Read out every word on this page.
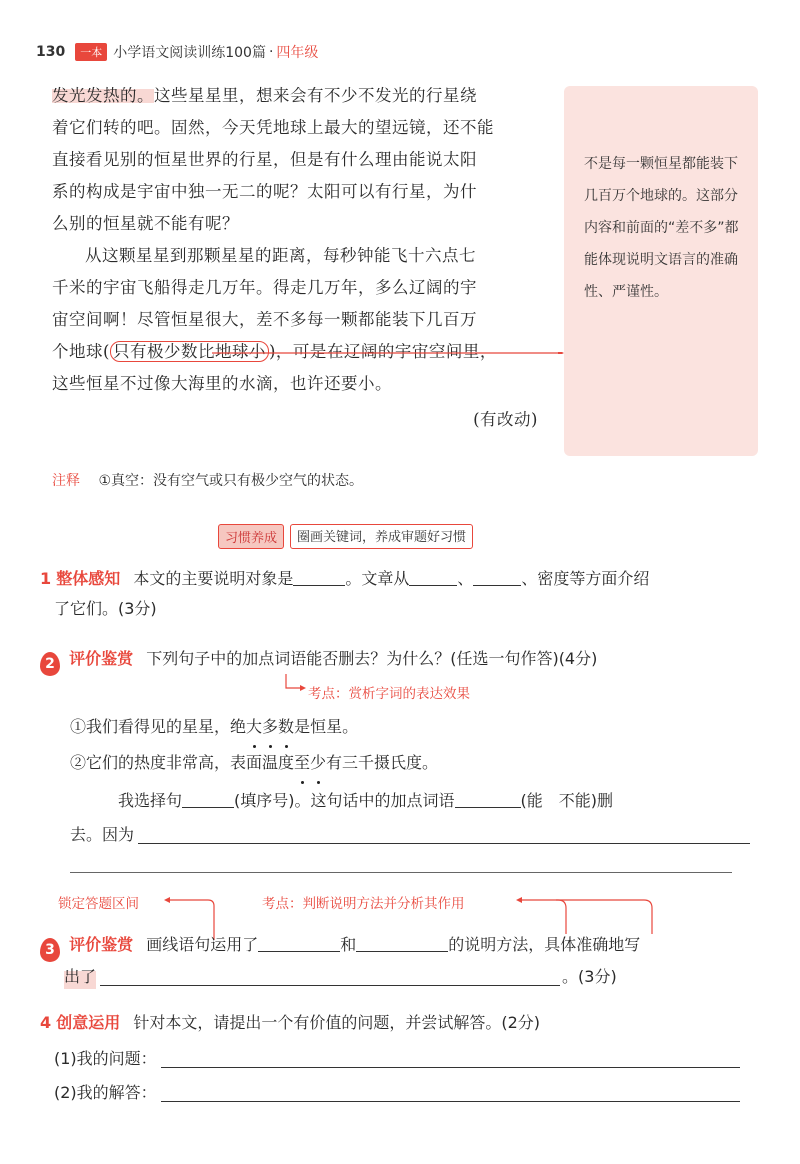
130	一本 小学语文阅读训练100篇 · 四年级
发光发热的。这些星星里，想来会有不少不发光的行星绕
着它们转的吧。固然，今天凭地球上最大的望远镜，还不能
直接看见别的恒星世界的行星，但是有什么理由能说太阳
系的构成是宇宙中独一无二的呢？太阳可以有行星，为什
么别的恒星就不能有呢？
从这颗星星到那颗星星的距离，每秒钟能飞十六点七
千米的宇宙飞船得走几万年。得走几万年，多么辽阔的宇
宙空间啊！尽管恒星很大，差不多每一颗都能装下几百万
个地球( 只有极少数比地球小 )，可是在辽阔的宇宙空间里，
这些恒星不过像大海里的水滴，也许还要小。
(有改动)
不是每一颗恒星都能装下几百万个地球的。这部分内容和前面的“差不多”都能体现说明文语言的准确性、严谨性。
注释 ①真空：没有空气或只有极少空气的状态。
习惯养成	圈画关键词，养成审题好习惯
1 整体感知 本文的主要说明对象是	。文章从	、	、密度等方面介绍
了它们。(3分)
2 评价鉴赏 下列句子中的加点词语能否删去？为什么？(任选一句作答)(4分)
考点：赏析字词的表达效果
①我们看得见的星星，绝大多数是恒星。
②它们的热度非常高，表面温度至少有三千摄氏度。
我选择句	(填序号)。这句话中的加点词语	(能　不能)删
去。因为
锁定答题区间	考点：判断说明方法并分析其作用
3 评价鉴赏 画线语句运用了	和	的说明方法，具体准确地写
出了	。(3分)
4 创意运用 针对本文，请提出一个有价值的问题，并尝试解答。(2分)
(1)我的问题：
(2)我的解答：
